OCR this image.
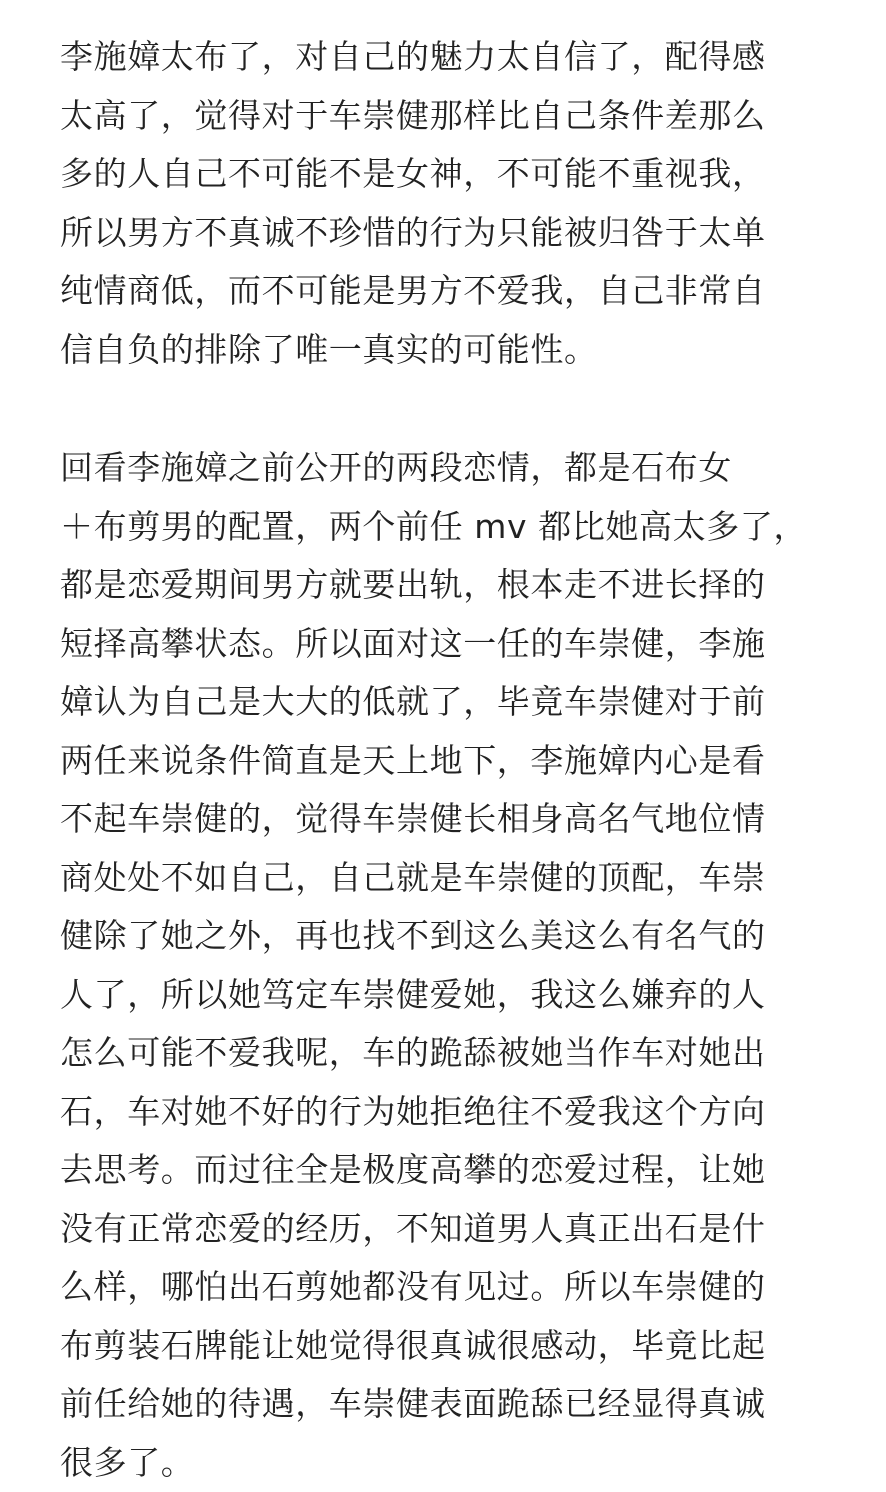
李施嫜太布了，对自己的魅力太自信了，配得感
太高了，觉得对于车崇健那样比自己条件差那么
多的人自己不可能不是女神，不可能不重视我，
所以男方不真诚不珍惜的行为只能被归咎于太单
纯情商低，而不可能是男方不爱我，自己非常自
信自负的排除了唯一真实的可能性。
回看李施嫜之前公开的两段恋情，都是石布女
＋布剪男的配置，两个前任 mv 都比她高太多了，
都是恋爱期间男方就要出轨，根本走不进长择的
短择高攀状态。所以面对这一任的车崇健，李施
嫜认为自己是大大的低就了，毕竟车崇健对于前
两任来说条件简直是天上地下，李施嫜内心是看
不起车崇健的，觉得车崇健长相身高名气地位情
商处处不如自己，自己就是车崇健的顶配，车崇
健除了她之外，再也找不到这么美这么有名气的
人了，所以她笃定车崇健爱她，我这么嫌弃的人
怎么可能不爱我呢，车的跪舔被她当作车对她出
石，车对她不好的行为她拒绝往不爱我这个方向
去思考。而过往全是极度高攀的恋爱过程，让她
没有正常恋爱的经历，不知道男人真正出石是什
么样，哪怕出石剪她都没有见过。所以车崇健的
布剪装石牌能让她觉得很真诚很感动，毕竟比起
前任给她的待遇，车崇健表面跪舔已经显得真诚
很多了。
